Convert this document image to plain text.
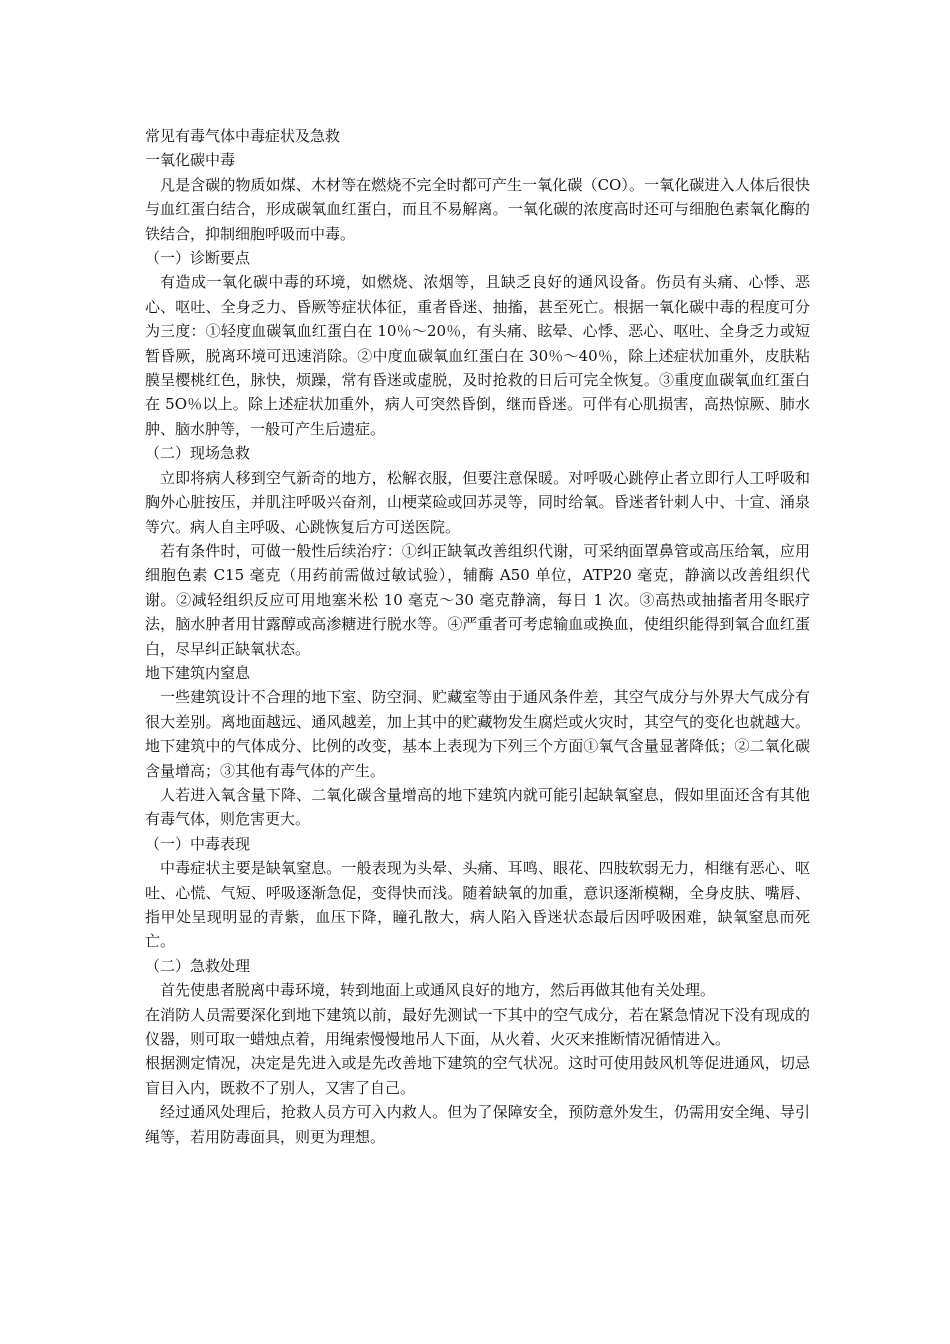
常见有毒气体中毒症状及急救

一氧化碳中毒

凡是含碳的物质如煤、木材等在燃烧不完全时都可产生一氧化碳（CO）。一氧化碳进入人体后很快与血红蛋白结合，形成碳氧血红蛋白，而且不易解离。一氧化碳的浓度高时还可与细胞色素氧化酶的铁结合，抑制细胞呼吸而中毒。

（一）诊断要点

有造成一氧化碳中毒的环境，如燃烧、浓烟等，且缺乏良好的通风设备。伤员有头痛、心悸、恶心、呕吐、全身乏力、昏厥等症状体征，重者昏迷、抽搐，甚至死亡。根据一氧化碳中毒的程度可分为三度：①轻度血碳氧血红蛋白在 10％～20％，有头痛、眩晕、心悸、恶心、呕吐、全身乏力或短暂昏厥，脱离环境可迅速消除。②中度血碳氧血红蛋白在 30％～40％，除上述症状加重外，皮肤粘膜呈樱桃红色，脉快，烦躁，常有昏迷或虚脱，及时抢救的日后可完全恢复。③重度血碳氧血红蛋白在 5O％以上。除上述症状加重外，病人可突然昏倒，继而昏迷。可伴有心肌损害，高热惊厥、肺水肿、脑水肿等，一般可产生后遗症。

（二）现场急救

立即将病人移到空气新奇的地方，松解衣服，但要注意保暖。对呼吸心跳停止者立即行人工呼吸和胸外心脏按压，并肌注呼吸兴奋剂，山梗菜硷或回苏灵等，同时给氧。昏迷者针刺人中、十宣、涌泉等穴。病人自主呼吸、心跳恢复后方可送医院。

若有条件时，可做一般性后续治疗：①纠正缺氧改善组织代谢，可采纳面罩鼻管或高压给氧，应用细胞色素 C15 毫克（用药前需做过敏试验），辅酶 A50 单位，ATP20 毫克，静滴以改善组织代谢。②减轻组织反应可用地塞米松 10 毫克～30 毫克静滴，每日 1 次。③高热或抽搐者用冬眠疗法，脑水肿者用甘露醇或高渗糖进行脱水等。④严重者可考虑输血或换血，使组织能得到氧合血红蛋白，尽早纠正缺氧状态。

地下建筑内窒息

一些建筑设计不合理的地下室、防空洞、贮藏室等由于通风条件差，其空气成分与外界大气成分有很大差别。离地面越远、通风越差，加上其中的贮藏物发生腐烂或火灾时，其空气的变化也就越大。地下建筑中的气体成分、比例的改变，基本上表现为下列三个方面①氧气含量显著降低；②二氧化碳含量增高；③其他有毒气体的产生。

人若进入氧含量下降、二氧化碳含量增高的地下建筑内就可能引起缺氧窒息，假如里面还含有其他有毒气体，则危害更大。

（一）中毒表现

中毒症状主要是缺氧窒息。一般表现为头晕、头痛、耳鸣、眼花、四肢软弱无力，相继有恶心、呕吐、心慌、气短、呼吸逐渐急促，变得快而浅。随着缺氧的加重，意识逐渐模糊，全身皮肤、嘴唇、指甲处呈现明显的青紫，血压下降，瞳孔散大，病人陷入昏迷状态最后因呼吸困难，缺氧窒息而死亡。

（二）急救处理

首先使患者脱离中毒环境，转到地面上或通风良好的地方，然后再做其他有关处理。

在消防人员需要深化到地下建筑以前，最好先测试一下其中的空气成分，若在紧急情况下没有现成的仪器，则可取一蜡烛点着，用绳索慢慢地吊人下面，从火着、火灭来推断情况循情进入。

根据测定情况，决定是先进入或是先改善地下建筑的空气状况。这时可使用鼓风机等促进通风，切忌盲目入内，既救不了别人，又害了自己。

经过通风处理后，抢救人员方可入内救人。但为了保障安全，预防意外发生，仍需用安全绳、导引绳等，若用防毒面具，则更为理想。
